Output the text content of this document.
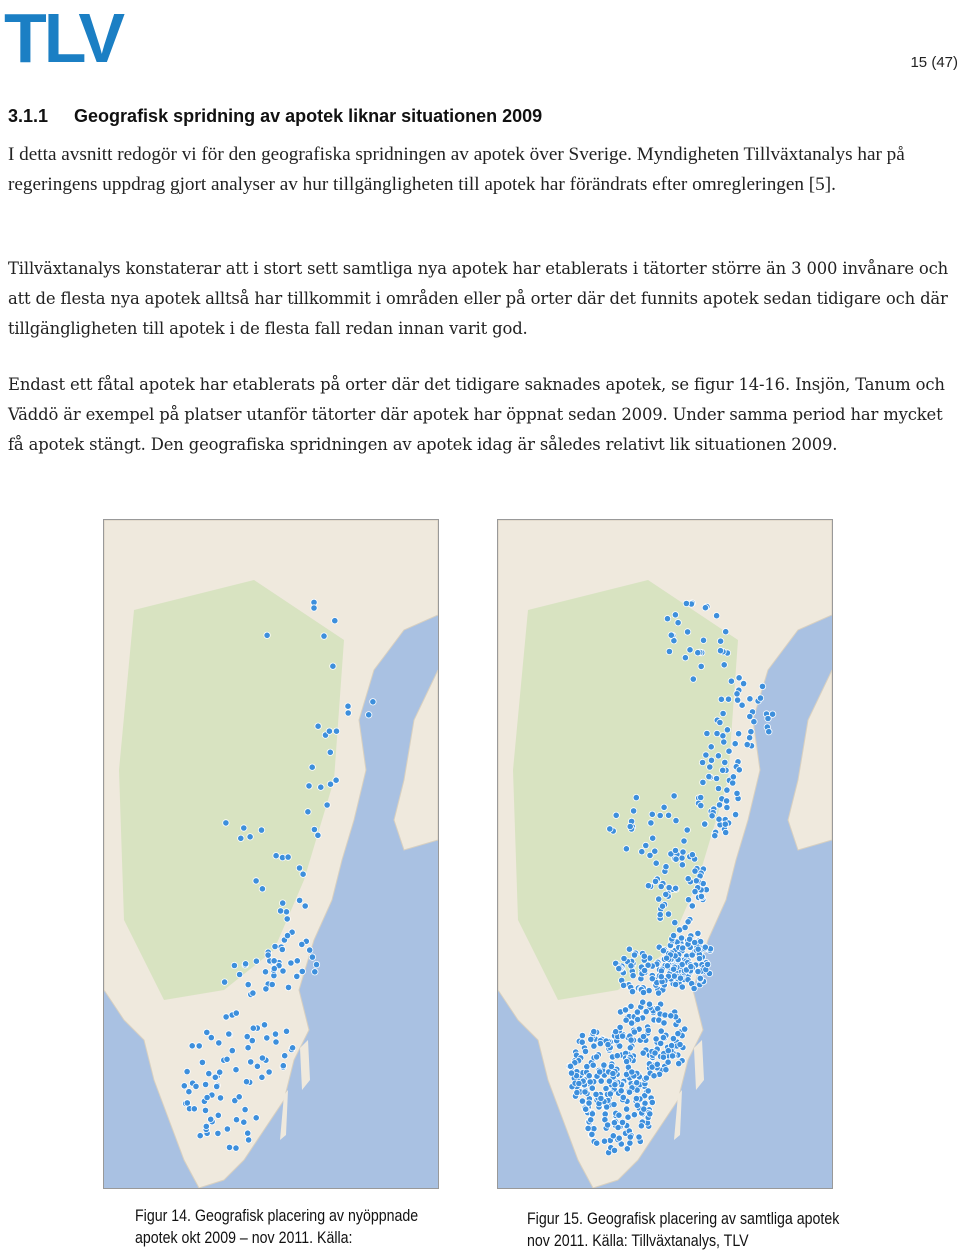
TLV	15 (47)
3.1.1 Geografisk spridning av apotek liknar situationen 2009

I detta avsnitt redogör vi för den geografiska spridningen av apotek över Sverige. Myndigheten Tillväxtanalys har på regeringens uppdrag gjort analyser av hur tillgängligheten till apotek har förändrats efter omregleringen [5].

Tillväxtanalys konstaterar att i stort sett samtliga nya apotek har etablerats i tätorter större än 3 000 invånare och att de flesta nya apotek alltså har tillkommit i områden eller på orter där det funnits apotek sedan tidigare och där tillgängligheten till apotek i de flesta fall redan innan varit god.

Endast ett fåtal apotek har etablerats på orter där det tidigare saknades apotek, se figur 14-16. Insjön, Tanum och Väddö är exempel på platser utanför tätorter där apotek har öppnat sedan 2009. Under samma period har mycket få apotek stängt. Den geografiska spridningen av apotek idag är således relativt lik situationen 2009.

Figur 14. Geografisk placering av nyöppnade
apotek okt 2009 – nov 2011. Källa:
Figur 15. Geografisk placering av samtliga apotek
nov 2011. Källa: Tillväxtanalys, TLV
